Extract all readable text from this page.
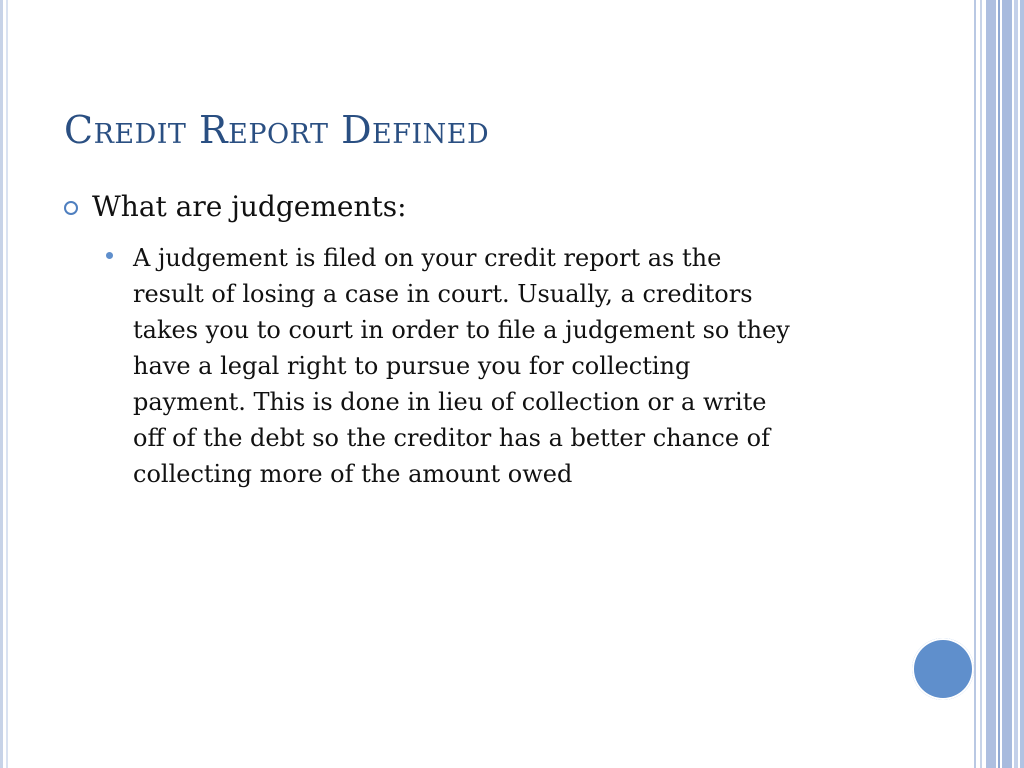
Credit Report Defined
What are judgements:
A judgement is filed on your credit report as the
result of losing a case in court. Usually, a creditors
takes you to court in order to file a judgement so they
have a legal right to pursue you for collecting
payment. This is done in lieu of collection or a write
off of the debt so the creditor has a better chance of
collecting more of the amount owed
